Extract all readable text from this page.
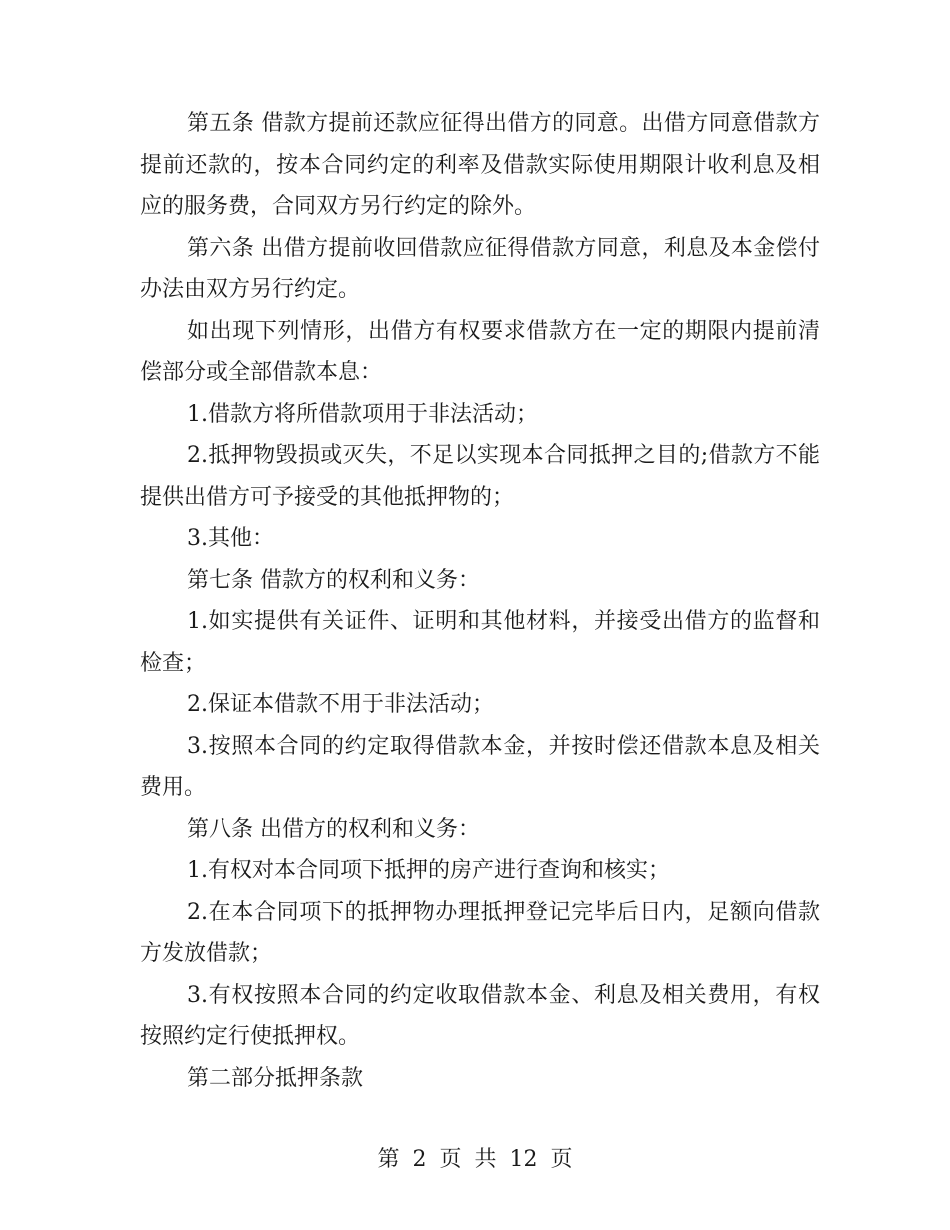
第五条 借款方提前还款应征得出借方的同意。出借方同意借款方提前还款的，按本合同约定的利率及借款实际使用期限计收利息及相应的服务费，合同双方另行约定的除外。

第六条 出借方提前收回借款应征得借款方同意，利息及本金偿付办法由双方另行约定。

如出现下列情形，出借方有权要求借款方在一定的期限内提前清偿部分或全部借款本息：

1.借款方将所借款项用于非法活动；

2.抵押物毁损或灭失，不足以实现本合同抵押之目的;借款方不能提供出借方可予接受的其他抵押物的；

3.其他：

第七条 借款方的权利和义务：

1.如实提供有关证件、证明和其他材料，并接受出借方的监督和检查；

2.保证本借款不用于非法活动；

3.按照本合同的约定取得借款本金，并按时偿还借款本息及相关费用。

第八条 出借方的权利和义务：

1.有权对本合同项下抵押的房产进行查询和核实；

2.在本合同项下的抵押物办理抵押登记完毕后日内，足额向借款方发放借款；

3.有权按照本合同的约定收取借款本金、利息及相关费用，有权按照约定行使抵押权。

第二部分抵押条款

第 2 页 共 12 页
